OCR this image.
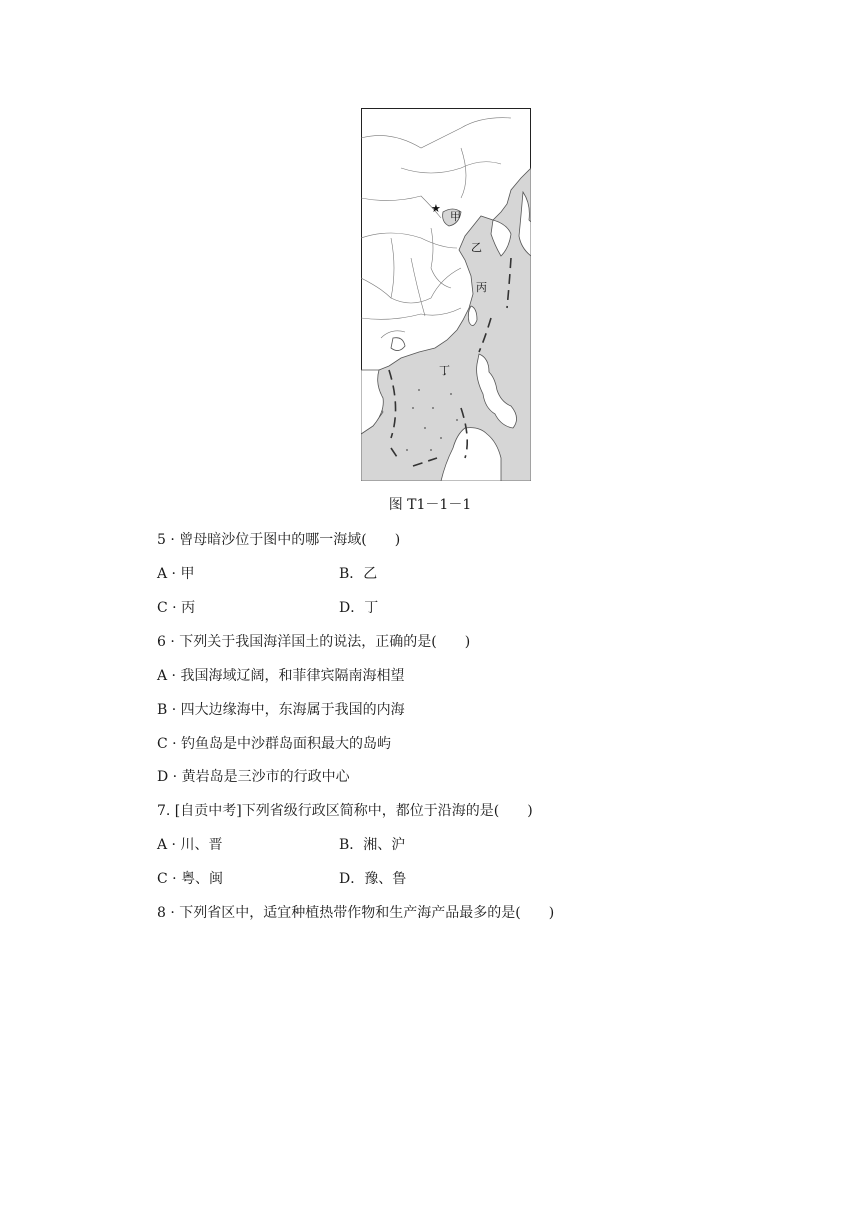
★
甲
乙
丙
丁
图 T1－1－1
5 · 曾母暗沙位于图中的哪一海域(　　)
A · 甲	B．乙
C · 丙	D．丁
6 · 下列关于我国海洋国土的说法，正确的是(　　)
A · 我国海域辽阔，和菲律宾隔南海相望
B · 四大边缘海中，东海属于我国的内海
C · 钓鱼岛是中沙群岛面积最大的岛屿
D · 黄岩岛是三沙市的行政中心
7. [自贡中考]下列省级行政区简称中，都位于沿海的是(　　)
A · 川、晋	B．湘、沪
C · 粤、闽	D．豫、鲁
8 · 下列省区中，适宜种植热带作物和生产海产品最多的是(　　)
